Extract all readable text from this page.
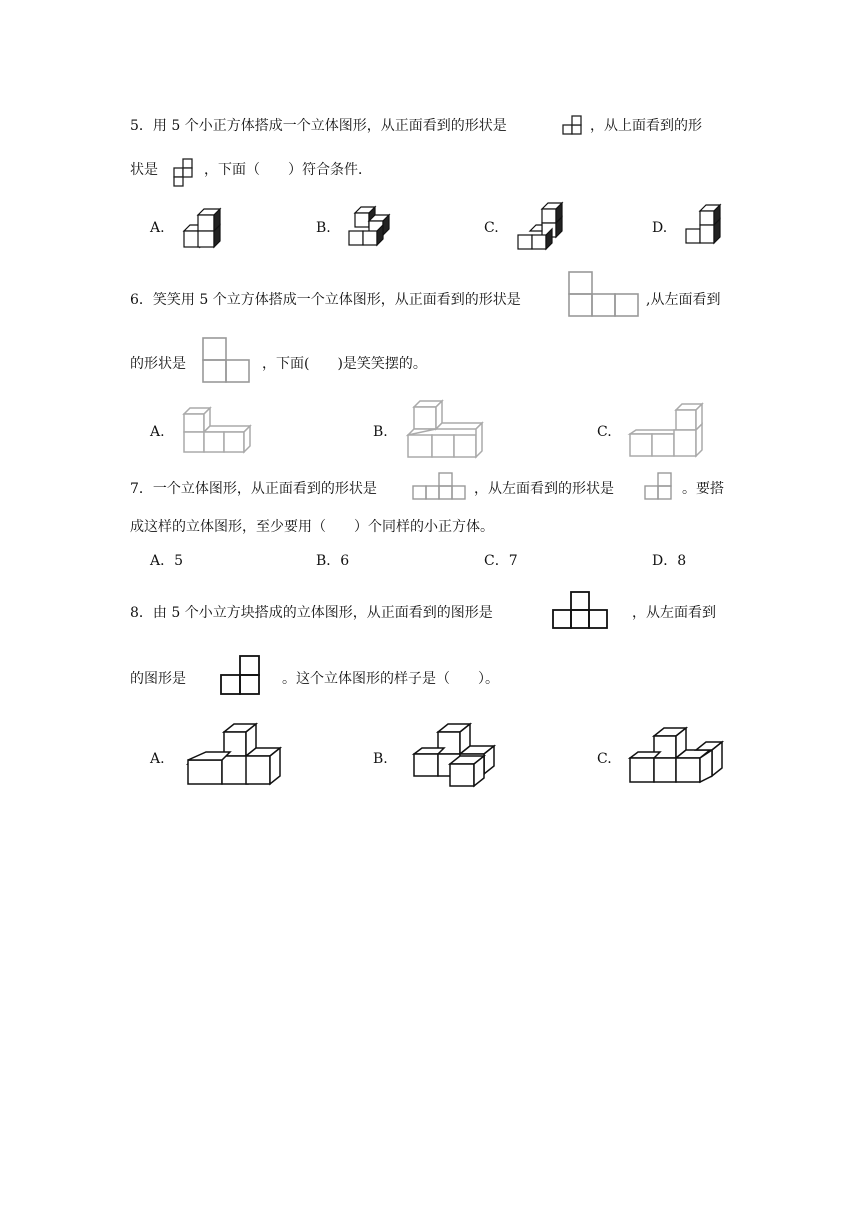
5．用 5 个小正方体搭成一个立体图形，从正面看到的形状是	，从上面看到的形
状是	，下面（　　）符合条件．
A.	B.	C.	D.
6．笑笑用 5 个立方体搭成一个立体图形，从正面看到的形状是	,从左面看到
的形状是	，下面(　　)是笑笑摆的。
A.	B.	C.
7．一个立体图形，从正面看到的形状是	，从左面看到的形状是	。要搭
成这样的立体图形，至少要用（　　）个同样的小正方体。
A．5	B．6	C．7	D．8
8．由 5 个小立方块搭成的立体图形，从正面看到的图形是	，从左面看到
的图形是	。这个立体图形的样子是（　　）。
A.	B.	C.
